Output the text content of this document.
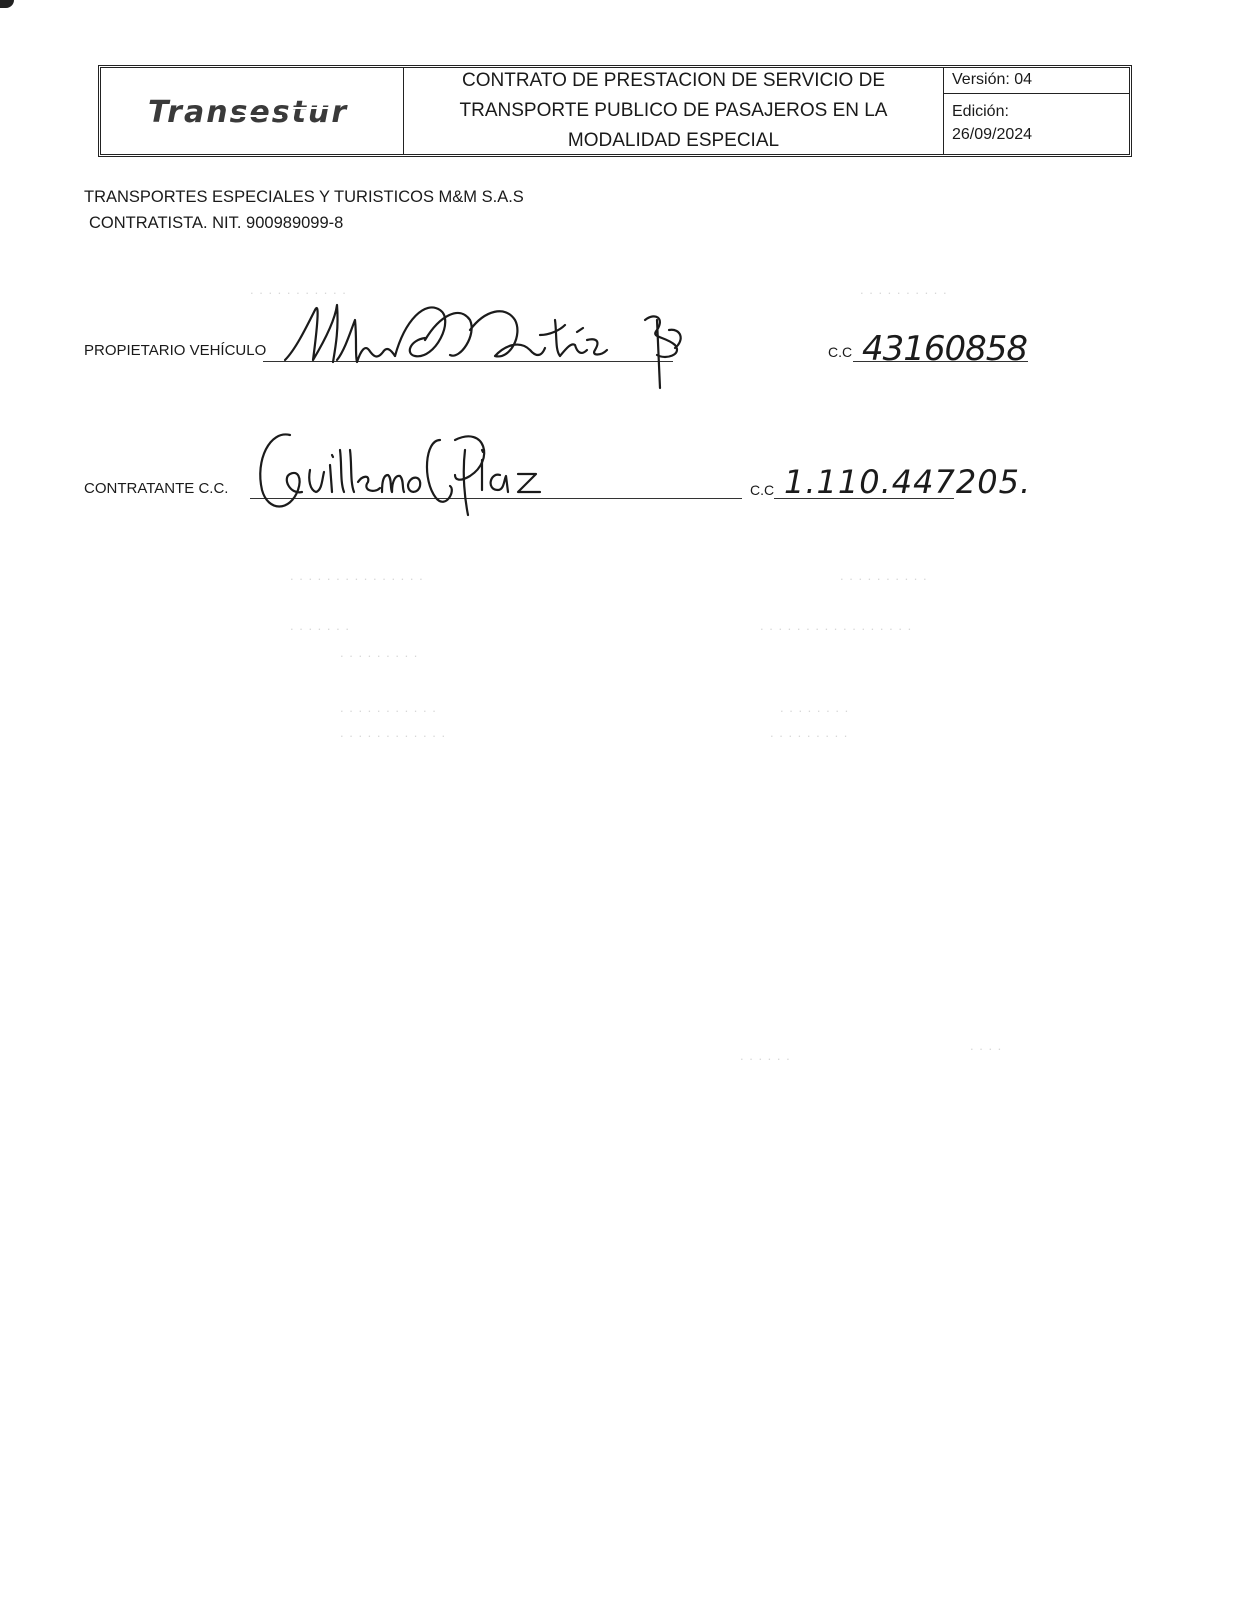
Transestur
CONTRATO DE PRESTACION DE SERVICIO DE
TRANSPORTE PUBLICO DE PASAJEROS EN LA
MODALIDAD ESPECIAL
Versión: 04
Edición:
26/09/2024
TRANSPORTES ESPECIALES Y TURISTICOS M&M S.A.S
CONTRATISTA. NIT. 900989099-8
. . . . . . . . . . .	. . . . . . . . . .
. . . . . . . . . . . . . . .	. . . . . . . . . .
. . . . . . .	. . . . . . . . . . . . . . . . .
. . . . . . . . .
. . . . . . . . . . .
. . . . . . . . . . . .
. . . . . . . .
. . . . . . . . .
. . . . . .
. . . .
PROPIETARIO VEHÍCULO	C.C 43160858
CONTRATANTE C.C.	C.C 1.110.447205.
